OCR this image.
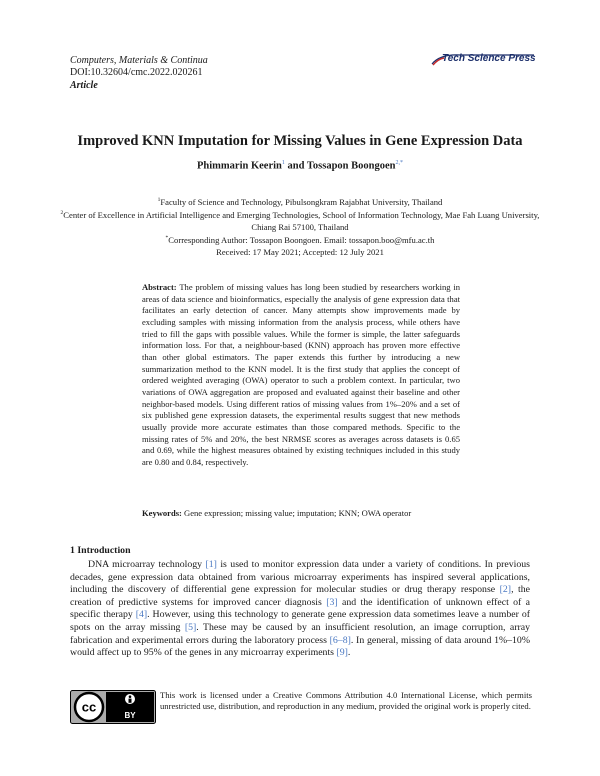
Computers, Materials & Continua
DOI:10.32604/cmc.2022.020261
Article
Tech Science Press
Improved KNN Imputation for Missing Values in Gene Expression Data
Phimmarin Keerin$^1$ and Tossapon Boongoen$^{2,*}$
$^1$Faculty of Science and Technology, Pibulsongkram Rajabhat University, Thailand
$^2$Center of Excellence in Artificial Intelligence and Emerging Technologies, School of Information Technology, Mae Fah Luang University, Chiang Rai 57100, Thailand
*Corresponding Author: Tossapon Boongoen. Email: tossapon.boo@mfu.ac.th
Received: 17 May 2021; Accepted: 12 July 2021
Abstract: The problem of missing values has long been studied by researchers working in areas of data science and bioinformatics, especially the analysis of gene expression data that facilitates an early detection of cancer. Many attempts show improvements made by excluding samples with missing information from the analysis process, while others have tried to fill the gaps with possible values. While the former is simple, the latter safeguards information loss. For that, a neighbour-based (KNN) approach has proven more effective than other global estimators. The paper extends this further by introducing a new summarization method to the KNN model. It is the first study that applies the concept of ordered weighted averaging (OWA) operator to such a problem context. In particular, two variations of OWA aggregation are proposed and evaluated against their baseline and other neighbor-based models. Using different ratios of missing values from 1%–20% and a set of six published gene expression datasets, the experimental results suggest that new methods usually provide more accurate estimates than those compared methods. Specific to the missing rates of 5% and 20%, the best NRMSE scores as averages across datasets is 0.65 and 0.69, while the highest measures obtained by existing techniques included in this study are 0.80 and 0.84, respectively.
Keywords: Gene expression; missing value; imputation; KNN; OWA operator
1 Introduction
DNA microarray technology [1] is used to monitor expression data under a variety of conditions. In previous decades, gene expression data obtained from various microarray experiments has inspired several applications, including the discovery of differential gene expression for molecular studies or drug therapy response [2], the creation of predictive systems for improved cancer diagnosis [3] and the identification of unknown effect of a specific therapy [4]. However, using this technology to generate gene expression data sometimes leave a number of spots on the array missing [5]. These may be caused by an insufficient resolution, an image corruption, array fabrication and experimental errors during the laboratory process [6–8]. In general, missing of data around 1%–10% would affect up to 95% of the genes in any microarray experiments [9].
cc
BY
This work is licensed under a Creative Commons Attribution 4.0 International License, which permits unrestricted use, distribution, and reproduction in any medium, provided the original work is properly cited.
